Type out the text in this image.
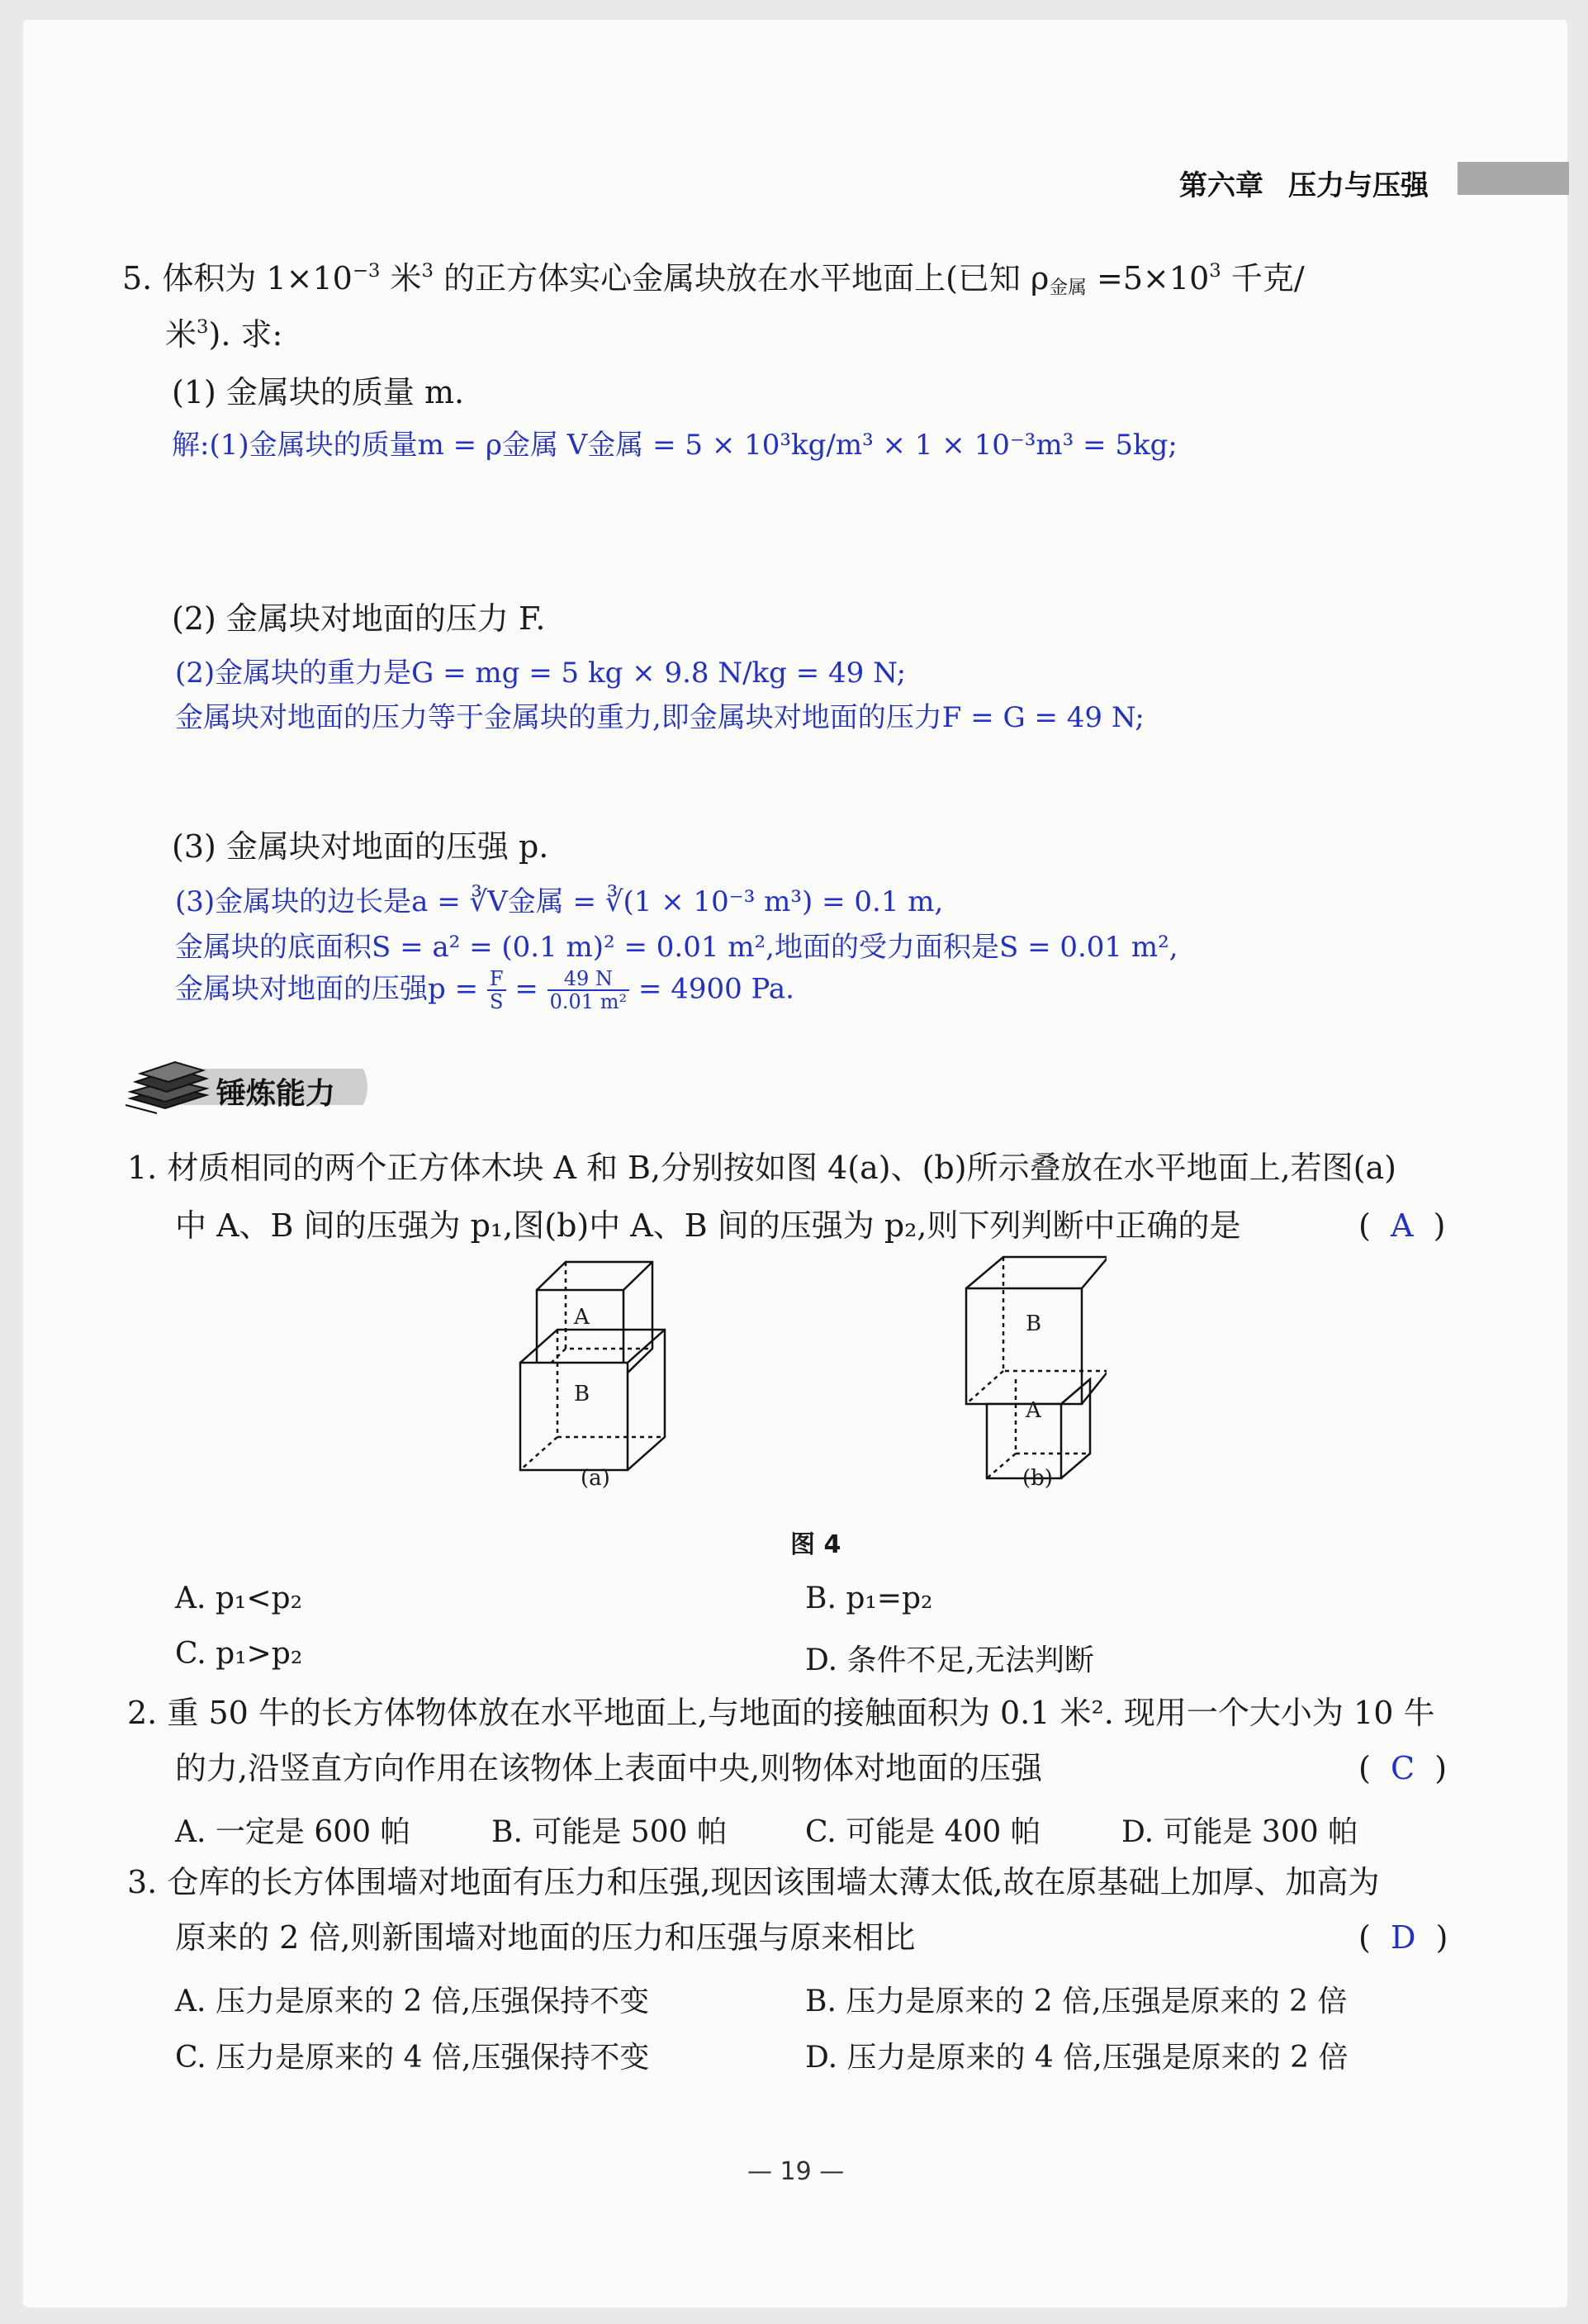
第六章 压力与压强
5. 体积为 $1\times 10^{-3}$ 米$^3$ 的正方体实心金属块放在水平地面上(已知 $\rho_{金属} =5\times 10^3$ 千克/
米$^3$). 求:
(1) 金属块的质量 m.
解:(1)金属块的质量m = ρ金属 V金属 = 5 × 10³kg/m³ × 1 × 10⁻³m³ = 5kg;
(2) 金属块对地面的压力 F.
(2)金属块的重力是G = mg = 5 kg × 9.8 N/kg = 49 N;
金属块对地面的压力等于金属块的重力,即金属块对地面的压力F = G = 49 N;
(3) 金属块对地面的压强 p.
(3)金属块的边长是a = ∛V金属 = ∛(1 × 10⁻³ m³) = 0.1 m,
金属块的底面积S = a² = (0.1 m)² = 0.01 m²,地面的受力面积是S = 0.01 m²,
金属块对地面的压强$p = \frac{F}{S} = \frac{49 N}{\text{0.01 m²}} = 4900$ Pa.
锤炼能力
1. 材质相同的两个正方体木块 A 和 B,分别按如图 4(a)、(b)所示叠放在水平地面上,若图(a)
中 A、B 间的压强为 p₁,图(b)中 A、B 间的压强为 p₂,则下列判断中正确的是	(  A  )
A
B
B
A
(a)	(b)
图 4
A. p₁<p₂	B. p₁=p₂
C. p₁>p₂	D. 条件不足,无法判断
2. 重 50 牛的长方体物体放在水平地面上,与地面的接触面积为 0.1 米². 现用一个大小为 10 牛
的力,沿竖直方向作用在该物体上表面中央,则物体对地面的压强	(  C  )
A. 一定是 600 帕	B. 可能是 500 帕	C. 可能是 400 帕	D. 可能是 300 帕
3. 仓库的长方体围墙对地面有压力和压强,现因该围墙太薄太低,故在原基础上加厚、加高为
原来的 2 倍,则新围墙对地面的压力和压强与原来相比	(  D  )
A. 压力是原来的 2 倍,压强保持不变	B. 压力是原来的 2 倍,压强是原来的 2 倍
C. 压力是原来的 4 倍,压强保持不变	D. 压力是原来的 4 倍,压强是原来的 2 倍
— 19 —
